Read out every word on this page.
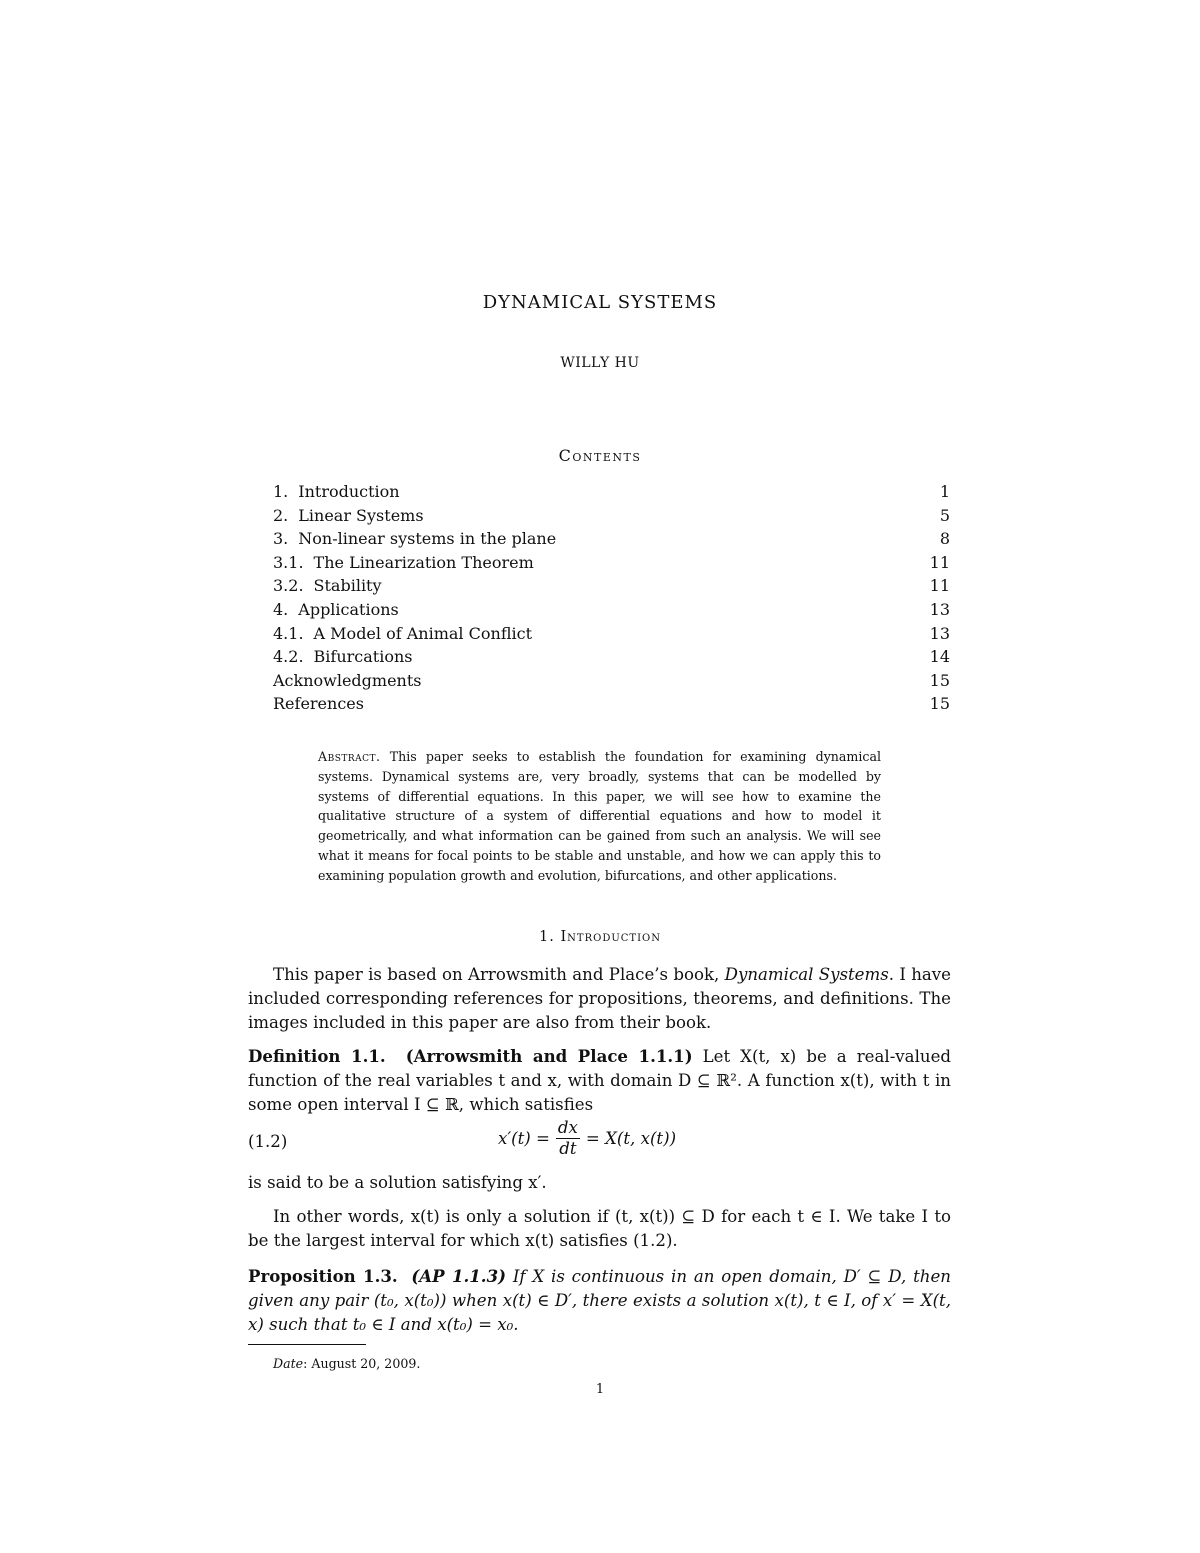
DYNAMICAL SYSTEMS
WILLY HU
Contents
1. Introduction	1
2. Linear Systems	5
3. Non-linear systems in the plane	8
3.1. The Linearization Theorem	11
3.2. Stability	11
4. Applications	13
4.1. A Model of Animal Conflict	13
4.2. Bifurcations	14
Acknowledgments	15
References	15

Abstract. This paper seeks to establish the foundation for examining dynamical systems. Dynamical systems are, very broadly, systems that can be modelled by systems of differential equations. In this paper, we will see how to examine the qualitative structure of a system of differential equations and how to model it geometrically, and what information can be gained from such an analysis. We will see what it means for focal points to be stable and unstable, and how we can apply this to examining population growth and evolution, bifurcations, and other applications.

1. Introduction

This paper is based on Arrowsmith and Place’s book, Dynamical Systems. I have included corresponding references for propositions, theorems, and definitions. The images included in this paper are also from their book.

Definition 1.1. (Arrowsmith and Place 1.1.1) Let X(t, x) be a real-valued function of the real variables t and x, with domain D ⊆ ℝ². A function x(t), with t in some open interval I ⊆ ℝ, which satisfies

(1.2)	$x'(t) = \frac{dx}{dt} = X(t$, x(t))

is said to be a solution satisfying x′.

In other words, x(t) is only a solution if (t, x(t)) ⊆ D for each t ∈ I. We take I to be the largest interval for which x(t) satisfies (1.2).

Proposition 1.3. (AP 1.1.3) If X is continuous in an open domain, D′ ⊆ D, then given any pair (t₀, x(t₀)) when x(t) ∈ D′, there exists a solution x(t), t ∈ I, of x′ = X(t, x) such that t₀ ∈ I and x(t₀) = x₀.

Date: August 20, 2009.
1
